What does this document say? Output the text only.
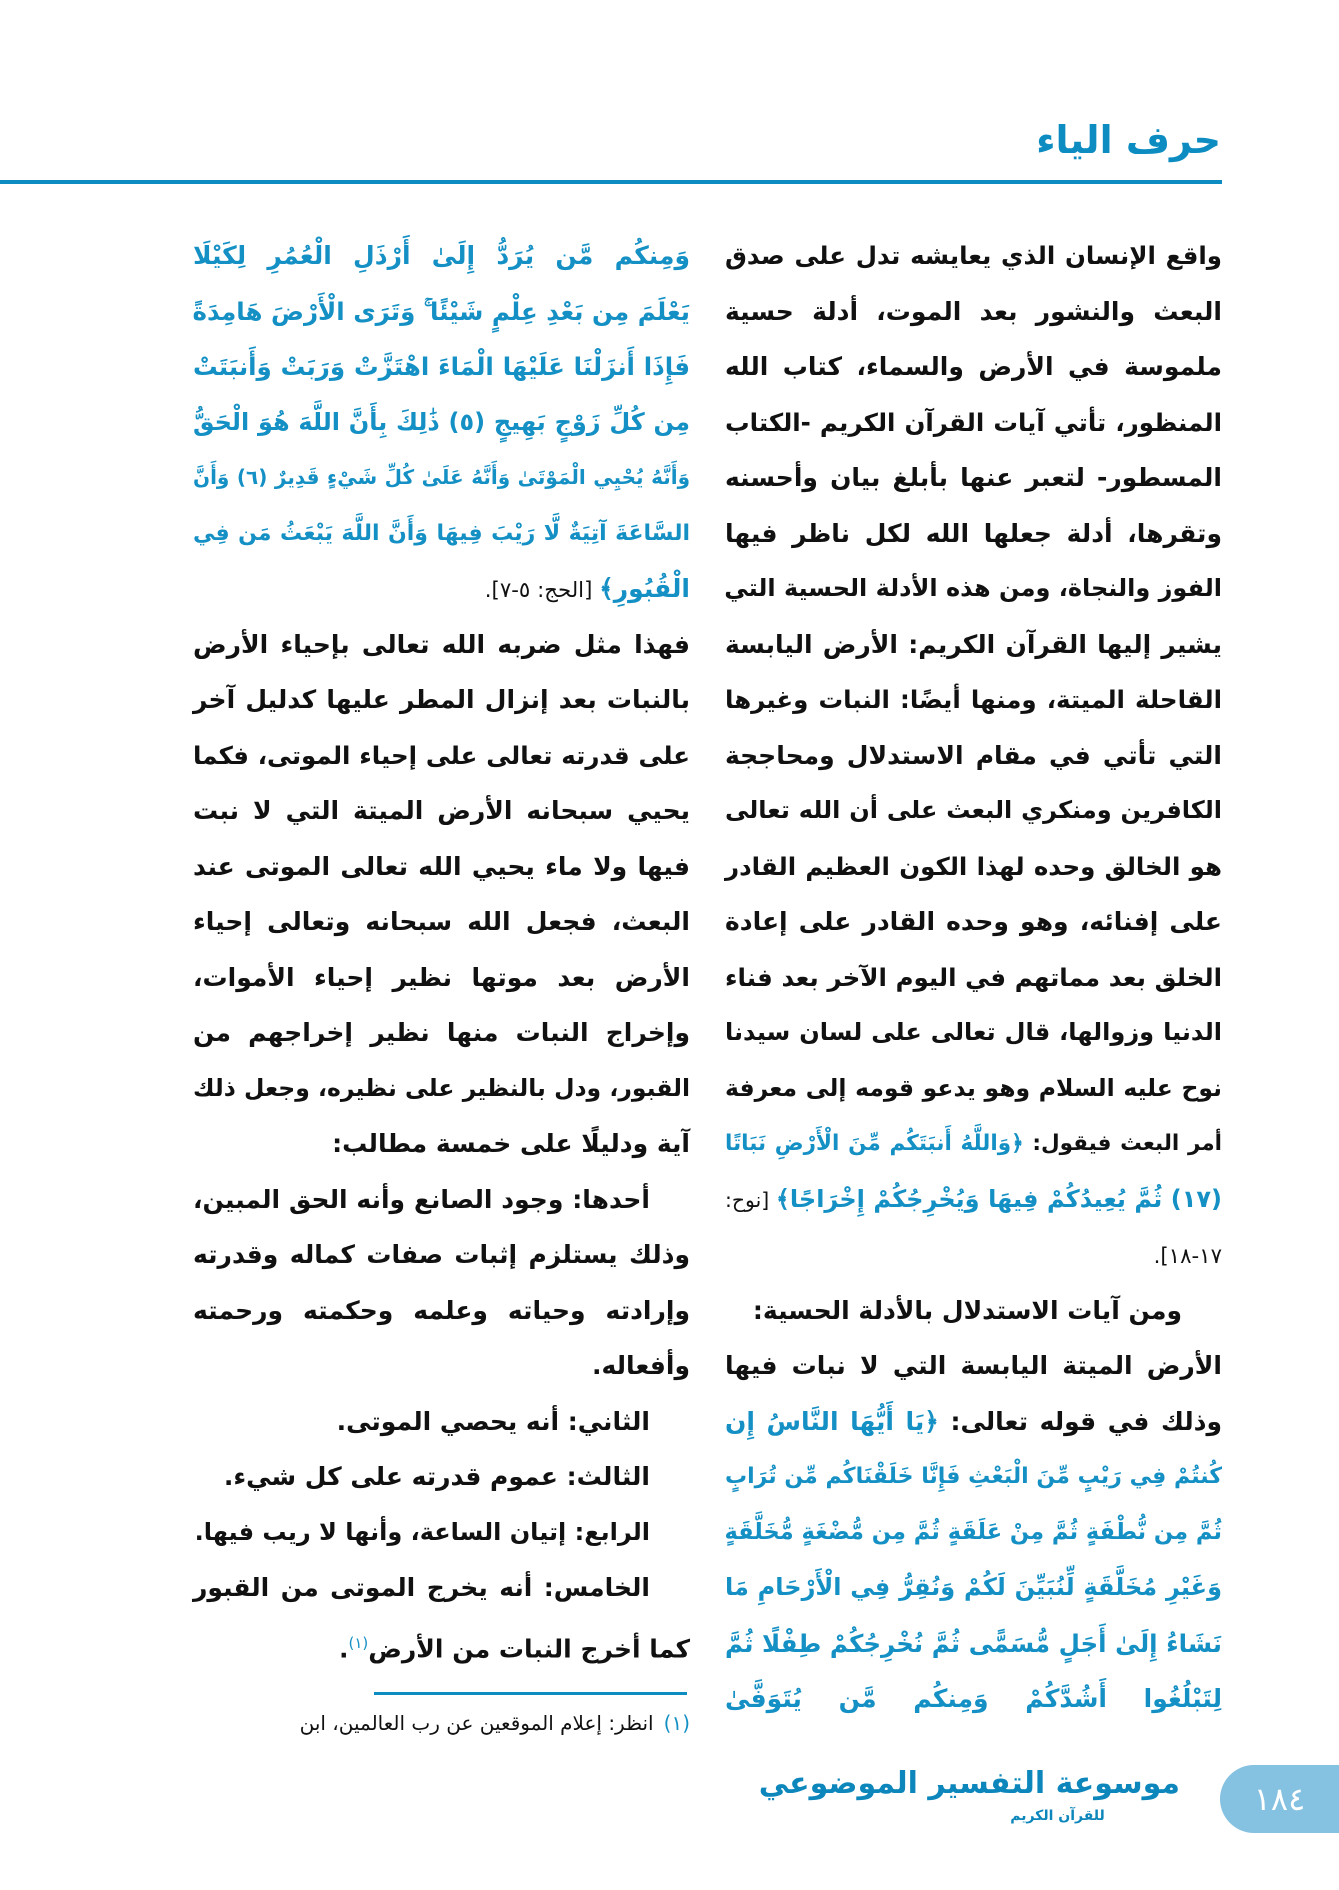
حرف الياء
واقع الإنسان الذي يعايشه تدل على صدق
البعث والنشور بعد الموت، أدلة حسية
ملموسة في الأرض والسماء، كتاب الله
المنظور، تأتي آيات القرآن الكريم -الكتاب
المسطور- لتعبر عنها بأبلغ بيان وأحسنه
وتقرها، أدلة جعلها الله لكل ناظر فيها
الفوز والنجاة، ومن هذه الأدلة الحسية التي
يشير إليها القرآن الكريم: الأرض اليابسة
القاحلة الميتة، ومنها أيضًا: النبات وغيرها
التي تأتي في مقام الاستدلال ومحاججة
الكافرين ومنكري البعث على أن الله تعالى
هو الخالق وحده لهذا الكون العظيم القادر
على إفنائه، وهو وحده القادر على إعادة
الخلق بعد مماتهم في اليوم الآخر بعد فناء
الدنيا وزوالها، قال تعالى على لسان سيدنا
نوح عليه السلام وهو يدعو قومه إلى معرفة
أمر البعث فيقول: ﴿وَاللَّهُ أَنبَتَكُم مِّنَ الْأَرْضِ نَبَاتًا
(١٧) ثُمَّ يُعِيدُكُمْ فِيهَا وَيُخْرِجُكُمْ إِخْرَاجًا﴾ [نوح:
١٧-١٨].
ومن آيات الاستدلال بالأدلة الحسية:
الأرض الميتة اليابسة التي لا نبات فيها
وذلك في قوله تعالى: ﴿يَا أَيُّهَا النَّاسُ إِن
كُنتُمْ فِي رَيْبٍ مِّنَ الْبَعْثِ فَإِنَّا خَلَقْنَاكُم مِّن تُرَابٍ
ثُمَّ مِن نُّطْفَةٍ ثُمَّ مِنْ عَلَقَةٍ ثُمَّ مِن مُّضْغَةٍ مُّخَلَّقَةٍ
وَغَيْرِ مُخَلَّقَةٍ لِّنُبَيِّنَ لَكُمْ وَنُقِرُّ فِي الْأَرْحَامِ مَا
نَشَاءُ إِلَىٰ أَجَلٍ مُّسَمًّى ثُمَّ نُخْرِجُكُمْ طِفْلًا ثُمَّ
لِتَبْلُغُوا أَشُدَّكُمْ وَمِنكُم مَّن يُتَوَفَّىٰ
وَمِنكُم مَّن يُرَدُّ إِلَىٰ أَرْذَلِ الْعُمُرِ لِكَيْلَا
يَعْلَمَ مِن بَعْدِ عِلْمٍ شَيْئًا ۚ وَتَرَى الْأَرْضَ هَامِدَةً
فَإِذَا أَنزَلْنَا عَلَيْهَا الْمَاءَ اهْتَزَّتْ وَرَبَتْ وَأَنبَتَتْ
مِن كُلِّ زَوْجٍ بَهِيجٍ (٥) ذَٰلِكَ بِأَنَّ اللَّهَ هُوَ الْحَقُّ
وَأَنَّهُ يُحْيِي الْمَوْتَىٰ وَأَنَّهُ عَلَىٰ كُلِّ شَيْءٍ قَدِيرٌ (٦) وَأَنَّ
السَّاعَةَ آتِيَةٌ لَّا رَيْبَ فِيهَا وَأَنَّ اللَّهَ يَبْعَثُ مَن فِي
الْقُبُورِ﴾ [الحج: ٥-٧].
فهذا مثل ضربه الله تعالى بإحياء الأرض
بالنبات بعد إنزال المطر عليها كدليل آخر
على قدرته تعالى على إحياء الموتى، فكما
يحيي سبحانه الأرض الميتة التي لا نبت
فيها ولا ماء يحيي الله تعالى الموتى عند
البعث، فجعل الله سبحانه وتعالى إحياء
الأرض بعد موتها نظير إحياء الأموات،
وإخراج النبات منها نظير إخراجهم من
القبور، ودل بالنظير على نظيره، وجعل ذلك
آية ودليلًا على خمسة مطالب:
أحدها: وجود الصانع وأنه الحق المبين،
وذلك يستلزم إثبات صفات كماله وقدرته
وإرادته وحياته وعلمه وحكمته ورحمته
وأفعاله.
الثاني: أنه يحصي الموتى.
الثالث: عموم قدرته على كل شيء.
الرابع: إتيان الساعة، وأنها لا ريب فيها.
الخامس: أنه يخرج الموتى من القبور
كما أخرج النبات من الأرض$^{(١)}$.
(١)انظر: إعلام الموقعين عن رب العالمين، ابن
موسوعة التفسير الموضوعي
للقرآن الكريم	١٨٤
